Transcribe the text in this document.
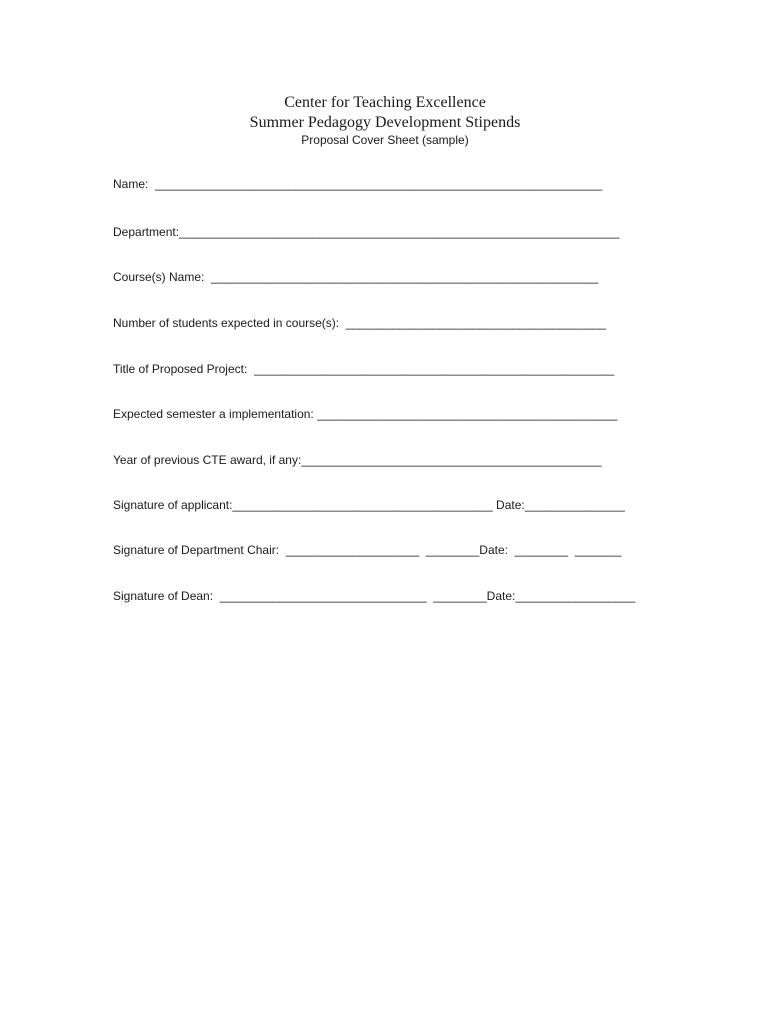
Center for Teaching Excellence
Summer Pedagogy Development Stipends
Proposal Cover Sheet (sample)
Name:  ___________________________________________________________________
Department:__________________________________________________________________
Course(s) Name:  __________________________________________________________
Number of students expected in course(s):  _______________________________________
Title of Proposed Project:  ______________________________________________________
Expected semester a implementation: _____________________________________________
Year of previous CTE award, if any:_____________________________________________
Signature of applicant:_______________________________________ Date:_______________
Signature of Department Chair:  ____________________  ________Date:  ________  _______
Signature of Dean:  _______________________________  ________Date:__________________
